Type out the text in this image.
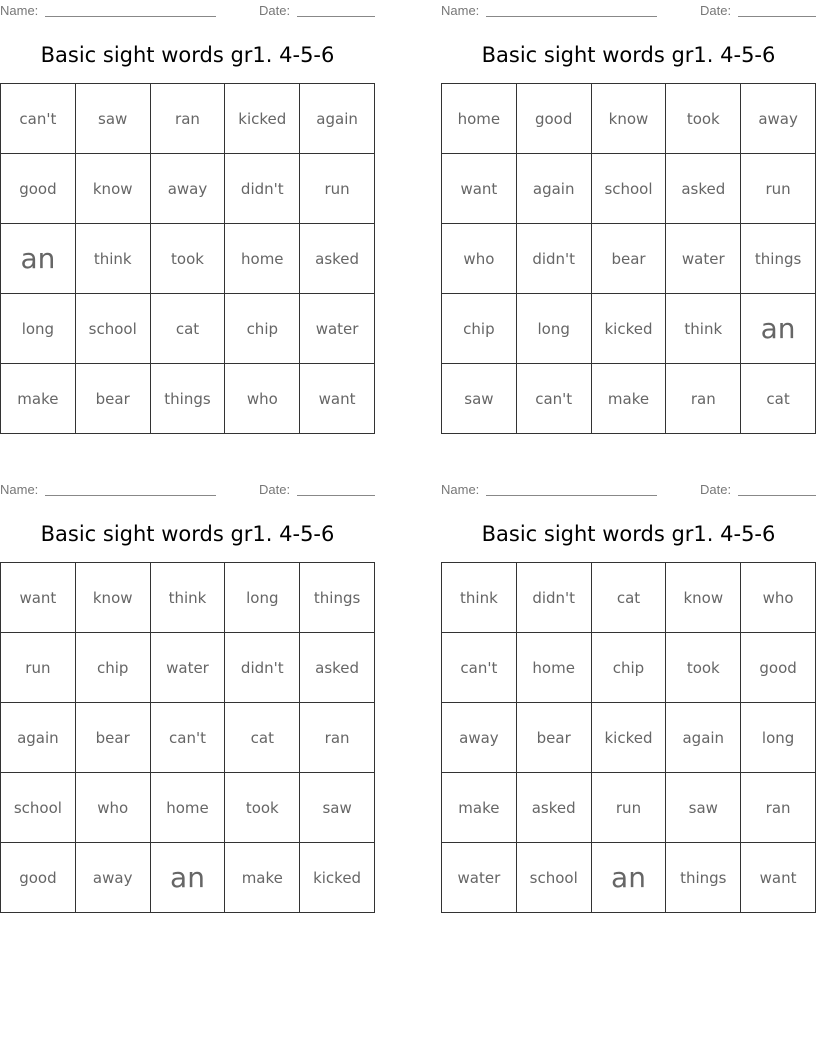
Name:	Date:
Basic sight words gr1. 4-5-6
can't	saw	ran	kicked	again
good	know	away	didn't	run
an	think	took	home	asked
long	school	cat	chip	water
make	bear	things	who	want
Name:	Date:
Basic sight words gr1. 4-5-6
home	good	know	took	away
want	again	school	asked	run
who	didn't	bear	water	things
chip	long	kicked	think	an
saw	can't	make	ran	cat
Name:	Date:
Basic sight words gr1. 4-5-6
want	know	think	long	things
run	chip	water	didn't	asked
again	bear	can't	cat	ran
school	who	home	took	saw
good	away	an	make	kicked
Name:	Date:
Basic sight words gr1. 4-5-6
think	didn't	cat	know	who
can't	home	chip	took	good
away	bear	kicked	again	long
make	asked	run	saw	ran
water	school	an	things	want
